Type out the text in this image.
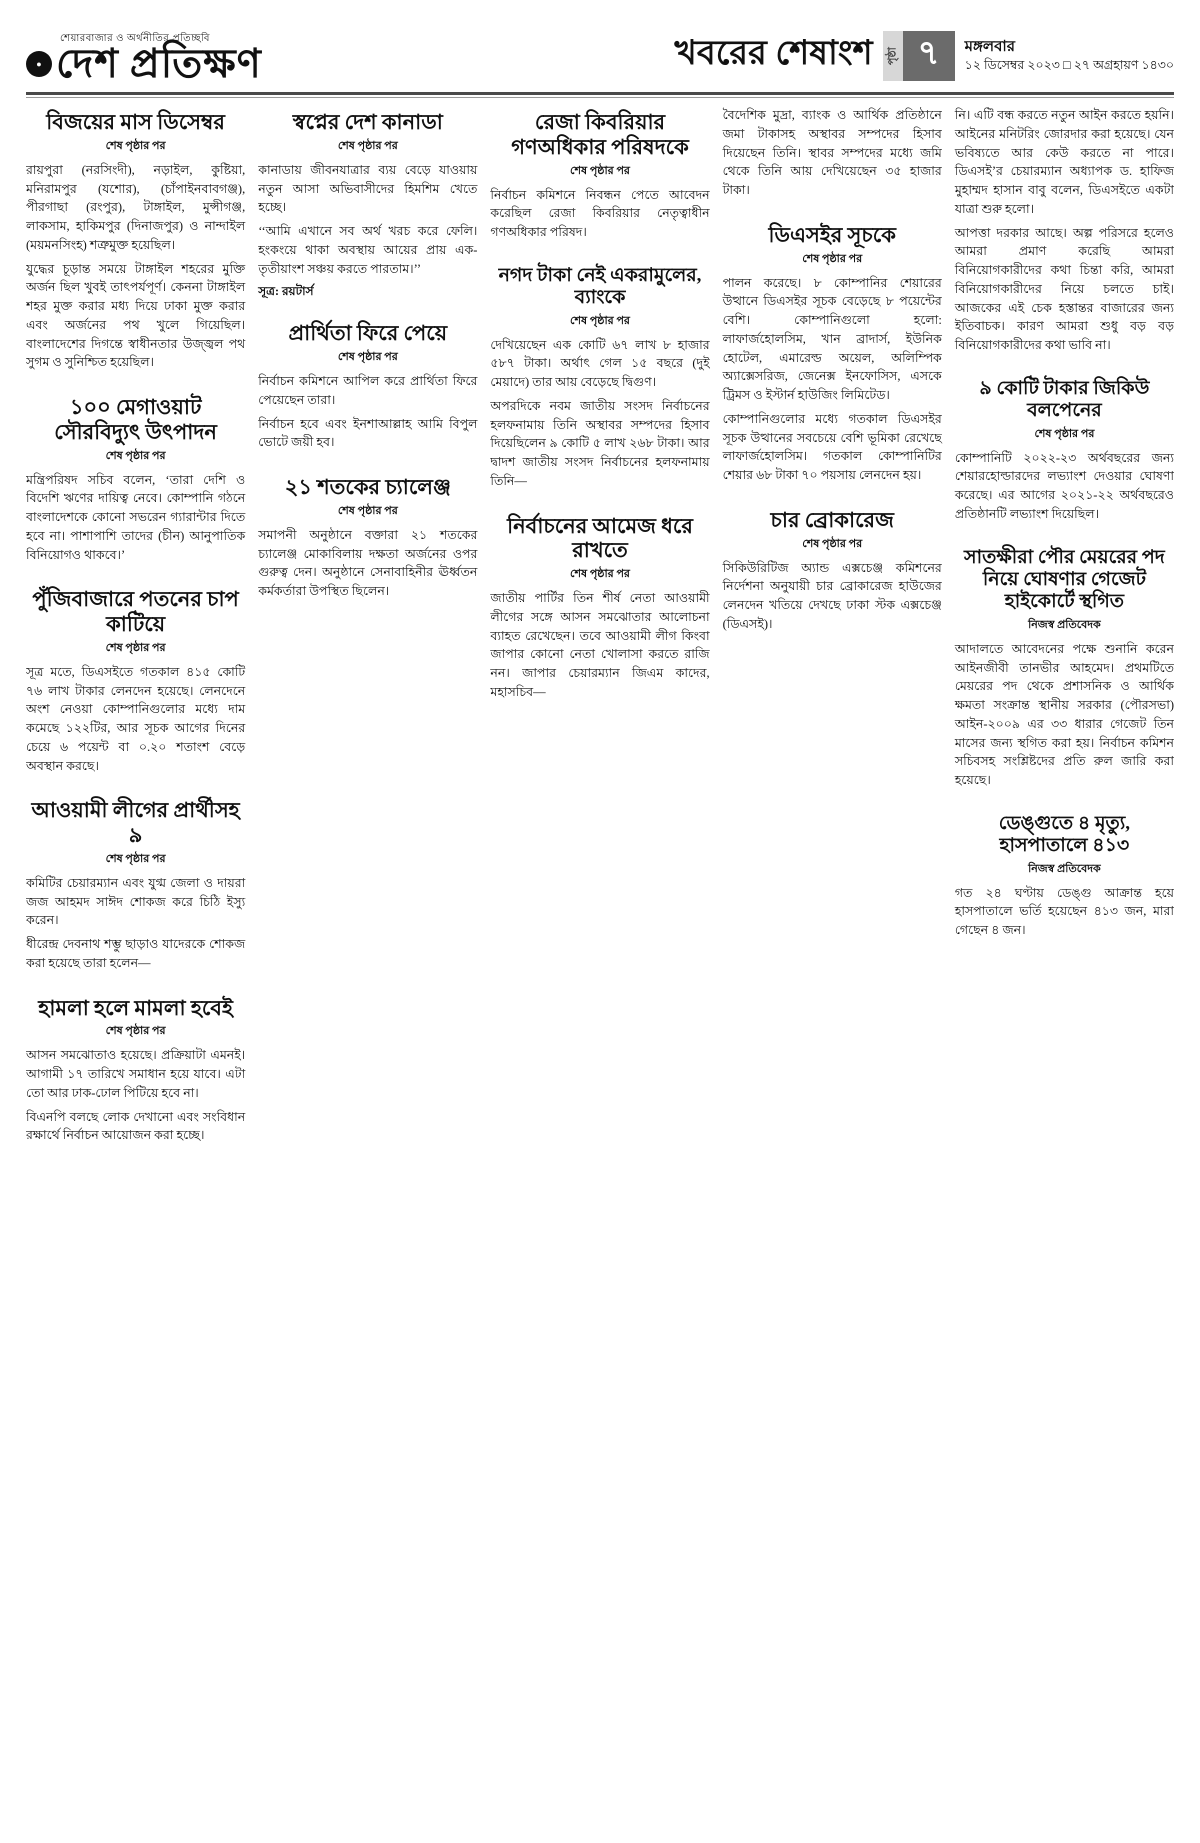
শেয়ারবাজার ও অর্থনীতির প্রতিচ্ছবি
● দেশ প্রতিক্ষণ	খবরের শেষাংশ	পৃষ্ঠা ৭	মঙ্গলবার
১২ ডিসেম্বর ২০২৩ □ ২৭ অগ্রহায়ণ ১৪৩০
বিজয়ের মাস ডিসেম্বর
শেষ পৃষ্ঠার পর

রায়পুরা (নরসিংদী), নড়াইল, কুষ্টিয়া, মনিরামপুর (যশোর), (চাঁপাইনবাবগঞ্জ), পীরগাছা (রংপুর), টাঙ্গাইল, মুন্সীগঞ্জ, লাকসাম, হাকিমপুর (দিনাজপুর) ও নান্দাইল (ময়মনসিংহ) শত্রুমুক্ত হয়েছিল।

যুদ্ধের চূড়ান্ত সময়ে টাঙ্গাইল শহরের মুক্তি অর্জন ছিল খুবই তাৎপর্যপূর্ণ। কেননা টাঙ্গাইল শহর মুক্ত করার মধ্য দিয়ে ঢাকা মুক্ত করার এবং অর্জনের পথ খুলে গিয়েছিল। বাংলাদেশের দিগন্তে স্বাধীনতার উজ্জ্বল পথ সুগম ও সুনিশ্চিত হয়েছিল।

১০০ মেগাওয়াট সৌরবিদ্যুৎ উৎপাদন
শেষ পৃষ্ঠার পর

মন্ত্রিপরিষদ সচিব বলেন, ‘তারা দেশি ও বিদেশি ঋণের দায়িত্ব নেবে। কোম্পানি গঠনে বাংলাদেশকে কোনো সভরেন গ্যারান্টার দিতে হবে না। পাশাপাশি তাদের (চীন) আনুপাতিক বিনিয়োগও থাকবে।’

পুঁজিবাজারে পতনের চাপ কাটিয়ে
শেষ পৃষ্ঠার পর

সূত্র মতে, ডিএসইতে গতকাল ৪১৫ কোটি ৭৬ লাখ টাকার লেনদেন হয়েছে। লেনদেনে অংশ নেওয়া কোম্পানিগুলোর মধ্যে দাম কমেছে ১২২টির, আর সূচক আগের দিনের চেয়ে ৬ পয়েন্ট বা ০.২০ শতাংশ বেড়ে অবস্থান করছে।

আওয়ামী লীগের প্রার্থীসহ ৯
শেষ পৃষ্ঠার পর

কমিটির চেয়ারম্যান এবং যুগ্ম জেলা ও দায়রা জজ আহমদ সাঈদ শোকজ করে চিঠি ইস্যু করেন।

ধীরেন্দ্র দেবনাথ শম্ভু ছাড়াও যাদেরকে শোকজ করা হয়েছে তারা হলেন—

হামলা হলে মামলা হবেই
শেষ পৃষ্ঠার পর

আসন সমঝোতাও হয়েছে। প্রক্রিয়াটা এমনই। আগামী ১৭ তারিখে সমাধান হয়ে যাবে। এটা তো আর ঢাক-ঢোল পিটিয়ে হবে না।

বিএনপি বলছে লোক দেখানো এবং সংবিধান রক্ষার্থে নির্বাচন আয়োজন করা হচ্ছে।

স্বপ্নের দেশ কানাডা
শেষ পৃষ্ঠার পর

কানাডায় জীবনযাত্রার ব্যয় বেড়ে যাওয়ায় নতুন আসা অভিবাসীদের হিমশিম খেতে হচ্ছে।

‘‘আমি এখানে সব অর্থ খরচ করে ফেলি। হংকংয়ে থাকা অবস্থায় আয়ের প্রায় এক-তৃতীয়াংশ সঞ্চয় করতে পারতাম।’’

সূত্র: রয়টার্স
প্রার্থিতা ফিরে পেয়ে
শেষ পৃষ্ঠার পর

নির্বাচন কমিশনে আপিল করে প্রার্থিতা ফিরে পেয়েছেন তারা।

নির্বাচন হবে এবং ইনশাআল্লাহ আমি বিপুল ভোটে জয়ী হব।

২১ শতকের চ্যালেঞ্জ
শেষ পৃষ্ঠার পর

সমাপনী অনুষ্ঠানে বক্তারা ২১ শতকের চ্যালেঞ্জ মোকাবিলায় দক্ষতা অর্জনের ওপর গুরুত্ব দেন। অনুষ্ঠানে সেনাবাহিনীর ঊর্ধ্বতন কর্মকর্তারা উপস্থিত ছিলেন।

রেজা কিবরিয়ার গণঅধিকার পরিষদকে
শেষ পৃষ্ঠার পর

নির্বাচন কমিশনে নিবন্ধন পেতে আবেদন করেছিল রেজা কিবরিয়ার নেতৃত্বাধীন গণঅধিকার পরিষদ।

নগদ টাকা নেই একরামুলের, ব্যাংকে
শেষ পৃষ্ঠার পর

দেখিয়েছেন এক কোটি ৬৭ লাখ ৮ হাজার ৫৮৭ টাকা। অর্থাৎ গেল ১৫ বছরে (দুই মেয়াদে) তার আয় বেড়েছে দ্বিগুণ।

অপরদিকে নবম জাতীয় সংসদ নির্বাচনের হলফনামায় তিনি অস্থাবর সম্পদের হিসাব দিয়েছিলেন ৯ কোটি ৫ লাখ ২৬৮ টাকা। আর দ্বাদশ জাতীয় সংসদ নির্বাচনের হলফনামায় তিনি—

নির্বাচনের আমেজ ধরে রাখতে
শেষ পৃষ্ঠার পর

জাতীয় পার্টির তিন শীর্ষ নেতা আওয়ামী লীগের সঙ্গে আসন সমঝোতার আলোচনা ব্যাহত রেখেছেন। তবে আওয়ামী লীগ কিংবা জাপার কোনো নেতা খোলাসা করতে রাজি নন। জাপার চেয়ারম্যান জিএম কাদের, মহাসচিব—

বৈদেশিক মুদ্রা, ব্যাংক ও আর্থিক প্রতিষ্ঠানে জমা টাকাসহ অস্থাবর সম্পদের হিসাব দিয়েছেন তিনি। স্থাবর সম্পদের মধ্যে জমি থেকে তিনি আয় দেখিয়েছেন ৩৫ হাজার টাকা।

ডিএসইর সূচকে
শেষ পৃষ্ঠার পর

পালন করেছে। ৮ কোম্পানির শেয়ারের উত্থানে ডিএসইর সূচক বেড়েছে ৮ পয়েন্টের বেশি। কোম্পানিগুলো হলো: লাফার্জহোলসিম, খান ব্রাদার্স, ইউনিক হোটেল, এমারেল্ড অয়েল, অলিম্পিক অ্যাক্সেসরিজ, জেনেক্স ইনফোসিস, এসকে ট্রিমস ও ইস্টার্ন হাউজিং লিমিটেড।

কোম্পানিগুলোর মধ্যে গতকাল ডিএসইর সূচক উত্থানের সবচেয়ে বেশি ভূমিকা রেখেছে লাফার্জহোলসিম। গতকাল কোম্পানিটির শেয়ার ৬৮ টাকা ৭০ পয়সায় লেনদেন হয়।

চার ব্রোকারেজ
শেষ পৃষ্ঠার পর

সিকিউরিটিজ অ্যান্ড এক্সচেঞ্জ কমিশনের নির্দেশনা অনুযায়ী চার ব্রোকারেজ হাউজের লেনদেন খতিয়ে দেখছে ঢাকা স্টক এক্সচেঞ্জ (ডিএসই)।

নি। এটি বন্ধ করতে নতুন আইন করতে হয়নি। আইনের মনিটরিং জোরদার করা হয়েছে। যেন ভবিষ্যতে আর কেউ করতে না পারে। ডিএসই’র চেয়ারম্যান অধ্যাপক ড. হাফিজ মুহাম্মদ হাসান বাবু বলেন, ডিএসইতে একটা যাত্রা শুরু হলো।

আপত্তা দরকার আছে। অল্প পরিসরে হলেও আমরা প্রমাণ করেছি আমরা বিনিয়োগকারীদের কথা চিন্তা করি, আমরা বিনিয়োগকারীদের নিয়ে চলতে চাই। আজকের এই চেক হস্তান্তর বাজারের জন্য ইতিবাচক। কারণ আমরা শুধু বড় বড় বিনিয়োগকারীদের কথা ভাবি না।

৯ কোটি টাকার জিকিউ বলপেনের
শেষ পৃষ্ঠার পর

কোম্পানিটি ২০২২-২৩ অর্থবছরের জন্য শেয়ারহোল্ডারদের লভ্যাংশ দেওয়ার ঘোষণা করেছে। এর আগের ২০২১-২২ অর্থবছরেও প্রতিষ্ঠানটি লভ্যাংশ দিয়েছিল।

সাতক্ষীরা পৌর মেয়রের পদ নিয়ে ঘোষণার গেজেট হাইকোর্টে স্থগিত
নিজস্ব প্রতিবেদক

আদালতে আবেদনের পক্ষে শুনানি করেন আইনজীবী তানভীর আহমেদ। প্রথমটিতে মেয়রের পদ থেকে প্রশাসনিক ও আর্থিক ক্ষমতা সংক্রান্ত স্থানীয় সরকার (পৌরসভা) আইন-২০০৯ এর ৩৩ ধারার গেজেট তিন মাসের জন্য স্থগিত করা হয়। নির্বাচন কমিশন সচিবসহ সংশ্লিষ্টদের প্রতি রুল জারি করা হয়েছে।

ডেঙ্গুতে ৪ মৃত্যু, হাসপাতালে ৪১৩
নিজস্ব প্রতিবেদক

গত ২৪ ঘণ্টায় ডেঙ্গু আক্রান্ত হয়ে হাসপাতালে ভর্তি হয়েছেন ৪১৩ জন, মারা গেছেন ৪ জন।
